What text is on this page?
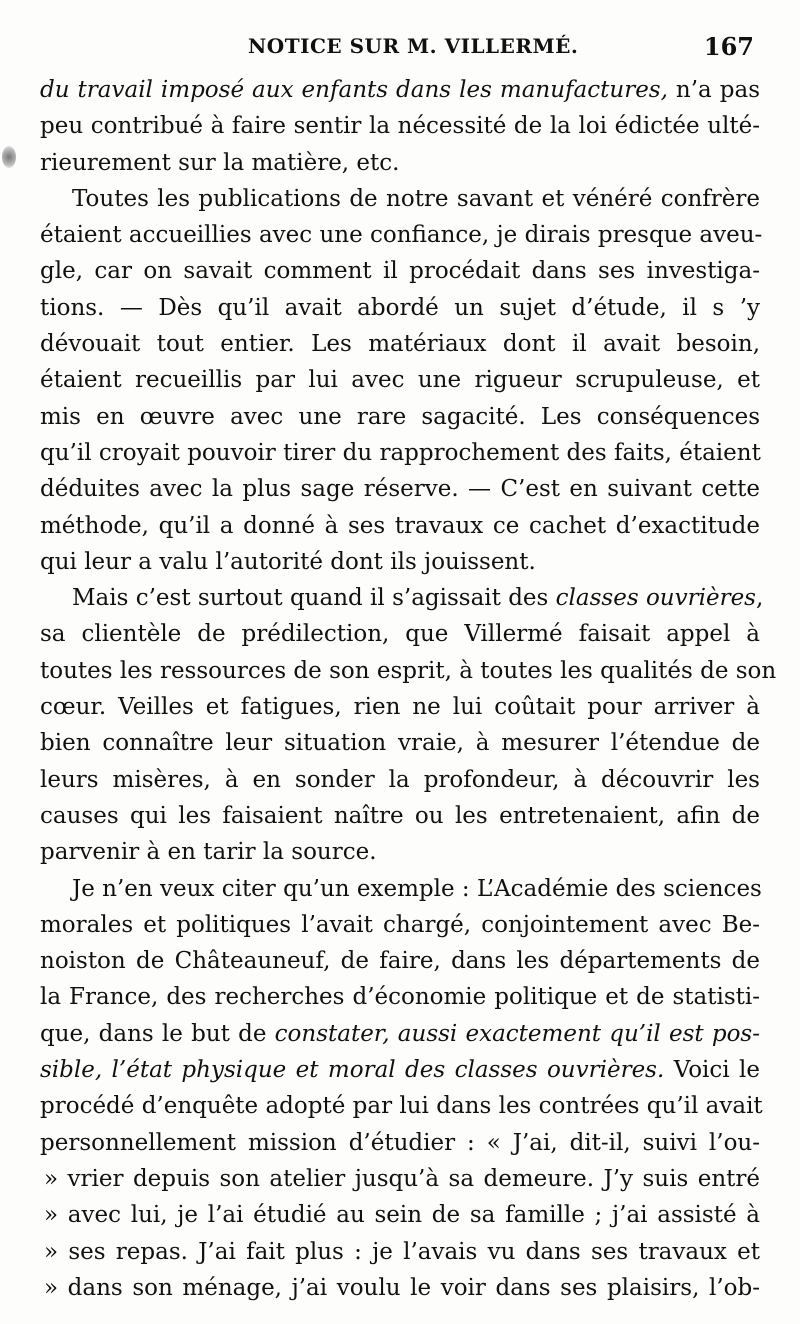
NOTICE SUR M. VILLERMÉ.	167
du travail imposé aux enfants dans les manufactures, n’a pas
peu contribué à faire sentir la nécessité de la loi édictée ulté-
rieurement sur la matière, etc.
Toutes les publications de notre savant et vénéré confrère
étaient accueillies avec une confiance, je dirais presque aveu-
gle, car on savait comment il procédait dans ses investiga-
tions. — Dès qu’il avait abordé un sujet d’étude, il s ’y
dévouait tout entier. Les matériaux dont il avait besoin,
étaient recueillis par lui avec une rigueur scrupuleuse, et
mis en œuvre avec une rare sagacité. Les conséquences
qu’il croyait pouvoir tirer du rapprochement des faits, étaient
déduites avec la plus sage réserve. — C’est en suivant cette
méthode, qu’il a donné à ses travaux ce cachet d’exactitude
qui leur a valu l’autorité dont ils jouissent.
Mais c’est surtout quand il s’agissait des classes ouvrières,
sa clientèle de prédilection, que Villermé faisait appel à
toutes les ressources de son esprit, à toutes les qualités de son
cœur. Veilles et fatigues, rien ne lui coûtait pour arriver à
bien connaître leur situation vraie, à mesurer l’étendue de
leurs misères, à en sonder la profondeur, à découvrir les
causes qui les faisaient naître ou les entretenaient, afin de
parvenir à en tarir la source.
Je n’en veux citer qu’un exemple : L’Académie des sciences
morales et politiques l’avait chargé, conjointement avec Be-
noiston de Châteauneuf, de faire, dans les départements de
la France, des recherches d’économie politique et de statisti-
que, dans le but de constater, aussi exactement qu’il est pos-
sible, l’état physique et moral des classes ouvrières. Voici le
procédé d’enquête adopté par lui dans les contrées qu’il avait
personnellement mission d’étudier : « J’ai, dit-il, suivi l’ou-
» vrier depuis son atelier jusqu’à sa demeure. J’y suis entré
» avec lui, je l’ai étudié au sein de sa famille ; j’ai assisté à
» ses repas. J’ai fait plus : je l’avais vu dans ses travaux et
» dans son ménage, j’ai voulu le voir dans ses plaisirs, l’ob-
